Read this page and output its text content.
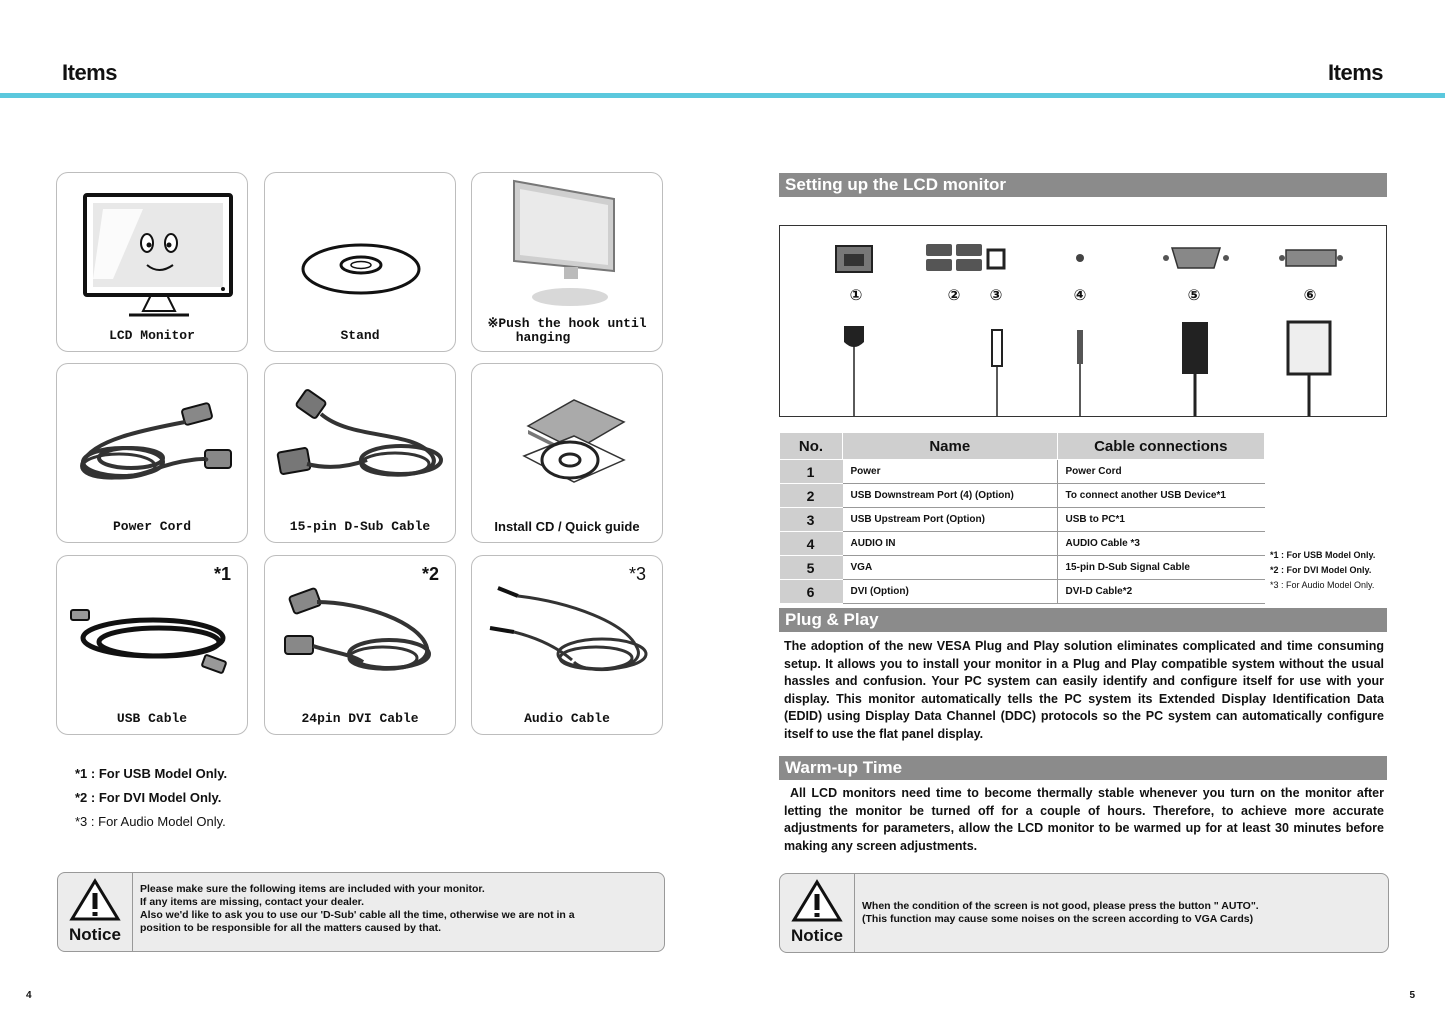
Items	Items
LCD Monitor	Stand
※Push the hook until
hanging
Power Cord	15-pin D-Sub Cable	Install CD / Quick guide
*1
USB Cable
*2
24pin DVI Cable
*3
Audio Cable
*1 : For USB Model Only.
*2 : For DVI Model Only.
*3 : For Audio Model Only.
Notice
Please make sure the following items are included with your monitor.
If any items are missing, contact your dealer.
Also we'd like to ask you to use our 'D-Sub' cable all the time, otherwise we are not in a
position to be responsible for all the matters caused by that.
Setting up the LCD monitor
①	② ③	④	⑤	⑥
No.	Name	Cable connections
1	Power	Power Cord
2	USB Downstream Port (4) (Option)	To connect another USB Device*1
3	USB Upstream Port (Option)	USB to PC*1
4	AUDIO IN	AUDIO Cable *3
5	VGA	15-pin D-Sub Signal Cable
6	DVI (Option)	DVI-D Cable*2
*1 : For USB Model Only.
*2 : For DVI Model Only.
*3 : For Audio Model Only.
Plug & Play
The adoption of the new VESA Plug and Play solution eliminates complicated and time consuming setup. It allows you to install your monitor in a Plug and Play compatible system without the usual hassles and confusion. Your PC system can easily identify and configure itself for use with your display. This monitor automatically tells the PC system its Extended Display Identification Data (EDID) using Display Data Channel (DDC) protocols so the PC system can automatically configure itself to use the flat panel display.
Warm-up Time
All LCD monitors need time to become thermally stable whenever you turn on the monitor after letting the monitor be turned off for a couple of hours. Therefore, to achieve more accurate adjustments for parameters, allow the LCD monitor to be warmed up for at least 30 minutes before making any screen adjustments.
Notice
When the condition of the screen is not good, please press the button " AUTO".
(This function may cause some noises on the screen according to VGA Cards)
4	5
